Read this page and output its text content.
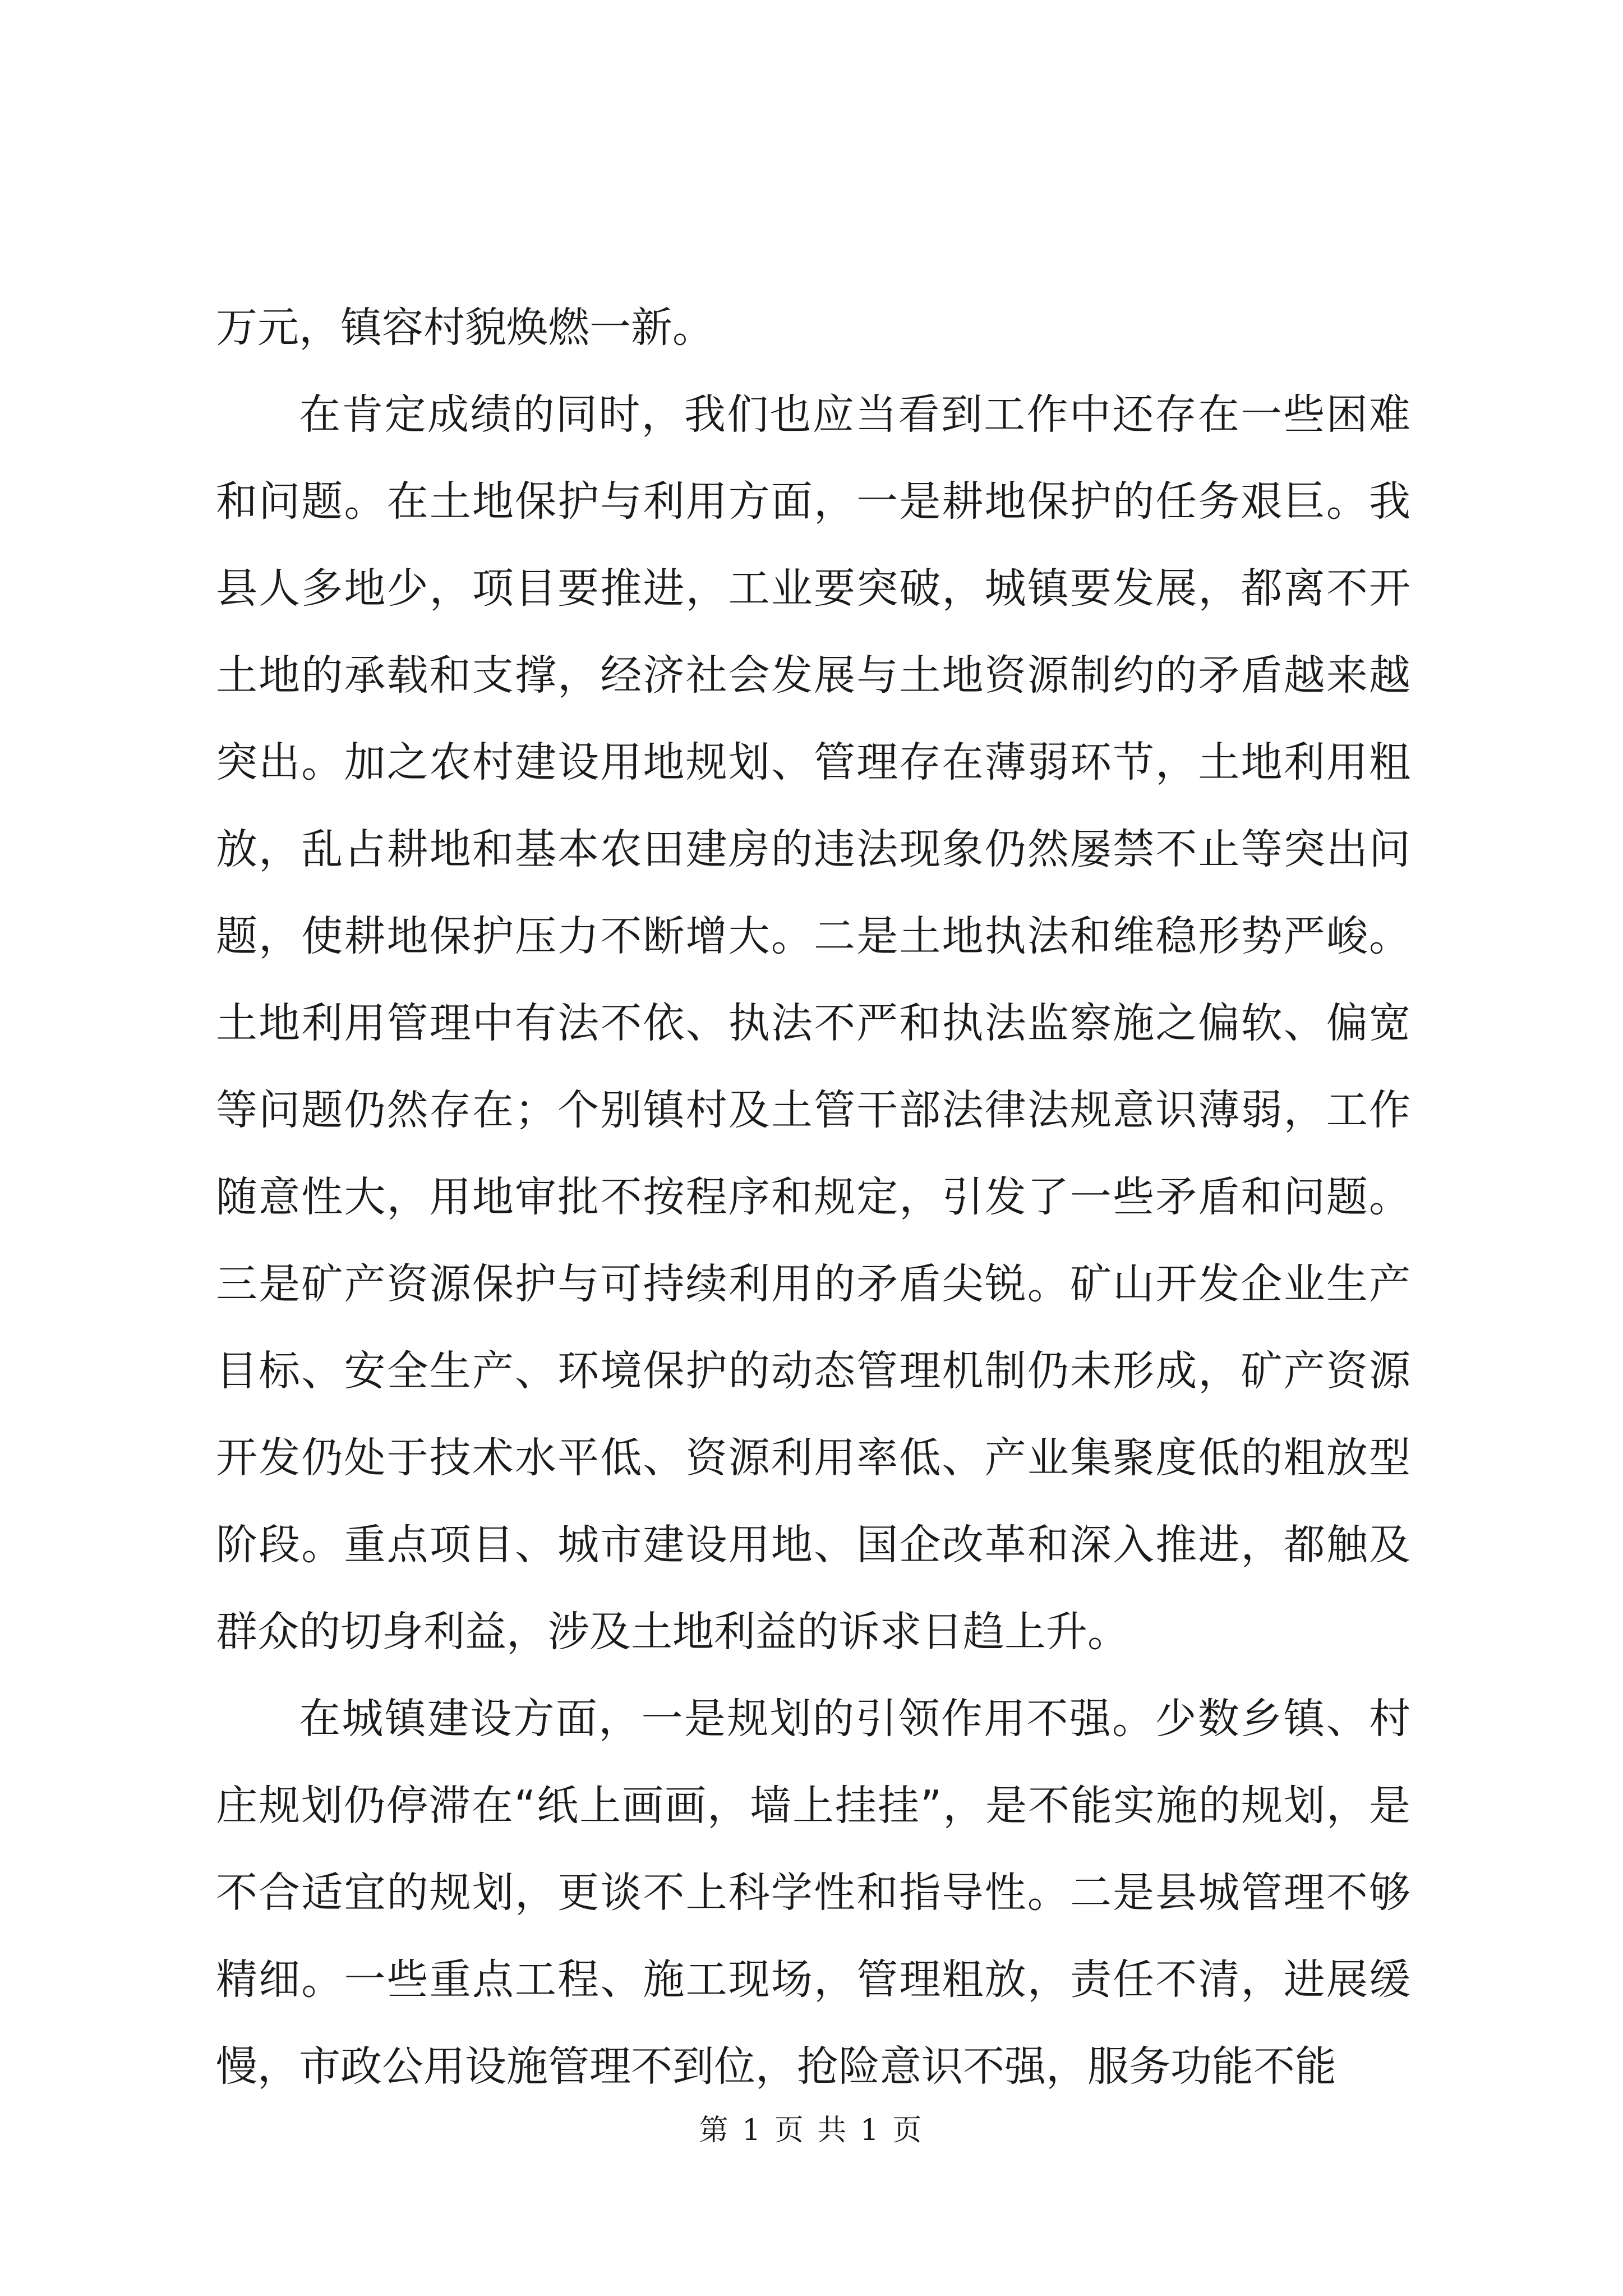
万元，镇容村貌焕燃一新。

在肯定成绩的同时，我们也应当看到工作中还存在一些困难和问题。在土地保护与利用方面，一是耕地保护的任务艰巨。我县人多地少，项目要推进，工业要突破，城镇要发展，都离不开土地的承载和支撑，经济社会发展与土地资源制约的矛盾越来越突出。加之农村建设用地规划、管理存在薄弱环节，土地利用粗放，乱占耕地和基本农田建房的违法现象仍然屡禁不止等突出问题，使耕地保护压力不断增大。二是土地执法和维稳形势严峻。土地利用管理中有法不依、执法不严和执法监察施之偏软、偏宽等问题仍然存在；个别镇村及土管干部法律法规意识薄弱，工作随意性大，用地审批不按程序和规定，引发了一些矛盾和问题。三是矿产资源保护与可持续利用的矛盾尖锐。矿山开发企业生产目标、安全生产、环境保护的动态管理机制仍未形成，矿产资源开发仍处于技术水平低、资源利用率低、产业集聚度低的粗放型阶段。重点项目、城市建设用地、国企改革和深入推进，都触及群众的切身利益，涉及土地利益的诉求日趋上升。

在城镇建设方面，一是规划的引领作用不强。少数乡镇、村庄规划仍停滞在“纸上画画，墙上挂挂”，是不能实施的规划，是不合适宜的规划，更谈不上科学性和指导性。二是县城管理不够精细。一些重点工程、施工现场，管理粗放，责任不清，进展缓慢，市政公用设施管理不到位，抢险意识不强，服务功能不能

第 1 页 共 1 页
